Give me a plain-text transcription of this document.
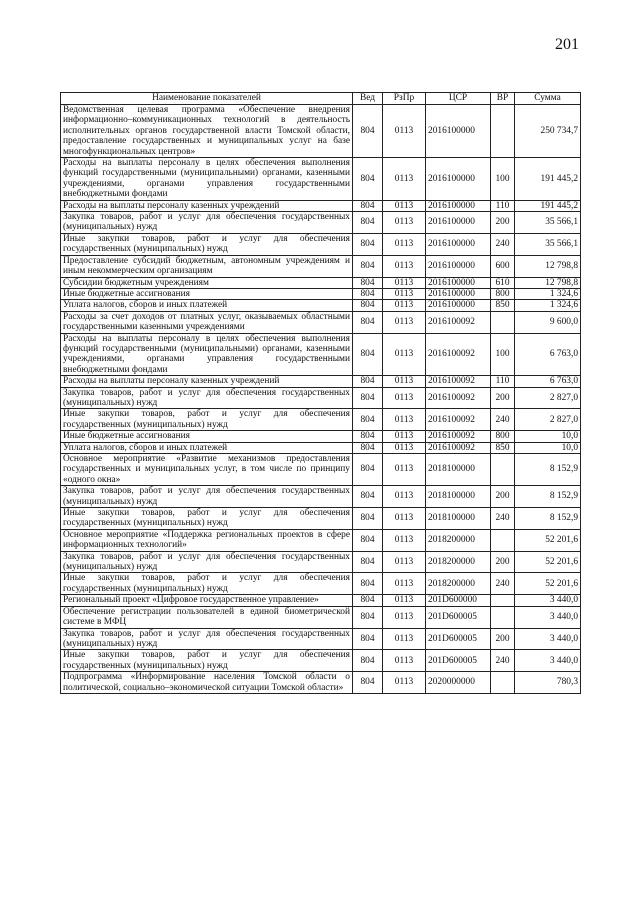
201
Наименование показателей	Вед	РзПр	ЦСР	ВР	Сумма
Ведомственная целевая программа «Обеспечение внедрения информационно–коммуникационных технологий в деятельность исполнительных органов государственной власти Томской области, предоставление государственных и муниципальных услуг на базе многофункциональных центров»	804	0113	2016100000		250 734,7
Расходы на выплаты персоналу в целях обеспечения выполнения функций государственными (муниципальными) органами, казенными учреждениями, органами управления государственными внебюджетными фондами	804	0113	2016100000	100	191 445,2
Расходы на выплаты персоналу казенных учреждений	804	0113	2016100000	110	191 445,2
Закупка товаров, работ и услуг для обеспечения государственных (муниципальных) нужд	804	0113	2016100000	200	35 566,1
Иные закупки товаров, работ и услуг для обеспечения государственных (муниципальных) нужд	804	0113	2016100000	240	35 566,1
Предоставление субсидий бюджетным, автономным учреждениям и иным некоммерческим организациям	804	0113	2016100000	600	12 798,8
Субсидии бюджетным учреждениям	804	0113	2016100000	610	12 798,8
Иные бюджетные ассигнования	804	0113	2016100000	800	1 324,6
Уплата налогов, сборов и иных платежей	804	0113	2016100000	850	1 324,6
Расходы за счет доходов от платных услуг, оказываемых областными государственными казенными учреждениями	804	0113	2016100092		9 600,0
Расходы на выплаты персоналу в целях обеспечения выполнения функций государственными (муниципальными) органами, казенными учреждениями, органами управления государственными внебюджетными фондами	804	0113	2016100092	100	6 763,0
Расходы на выплаты персоналу казенных учреждений	804	0113	2016100092	110	6 763,0
Закупка товаров, работ и услуг для обеспечения государственных (муниципальных) нужд	804	0113	2016100092	200	2 827,0
Иные закупки товаров, работ и услуг для обеспечения государственных (муниципальных) нужд	804	0113	2016100092	240	2 827,0
Иные бюджетные ассигнования	804	0113	2016100092	800	10,0
Уплата налогов, сборов и иных платежей	804	0113	2016100092	850	10,0
Основное мероприятие «Развитие механизмов предоставления государственных и муниципальных услуг, в том числе по принципу «одного окна»	804	0113	2018100000		8 152,9
Закупка товаров, работ и услуг для обеспечения государственных (муниципальных) нужд	804	0113	2018100000	200	8 152,9
Иные закупки товаров, работ и услуг для обеспечения государственных (муниципальных) нужд	804	0113	2018100000	240	8 152,9
Основное мероприятие «Поддержка региональных проектов в сфере информационных технологий»	804	0113	2018200000		52 201,6
Закупка товаров, работ и услуг для обеспечения государственных (муниципальных) нужд	804	0113	2018200000	200	52 201,6
Иные закупки товаров, работ и услуг для обеспечения государственных (муниципальных) нужд	804	0113	2018200000	240	52 201,6
Региональный проект «Цифровое государственное управление»	804	0113	201D600000		3 440,0
Обеспечение регистрации пользователей в единой биометрической системе в МФЦ	804	0113	201D600005		3 440,0
Закупка товаров, работ и услуг для обеспечения государственных (муниципальных) нужд	804	0113	201D600005	200	3 440,0
Иные закупки товаров, работ и услуг для обеспечения государственных (муниципальных) нужд	804	0113	201D600005	240	3 440,0
Подпрограмма «Информирование населения Томской области о политической, социально–экономической ситуации Томской области»	804	0113	2020000000		780,3
